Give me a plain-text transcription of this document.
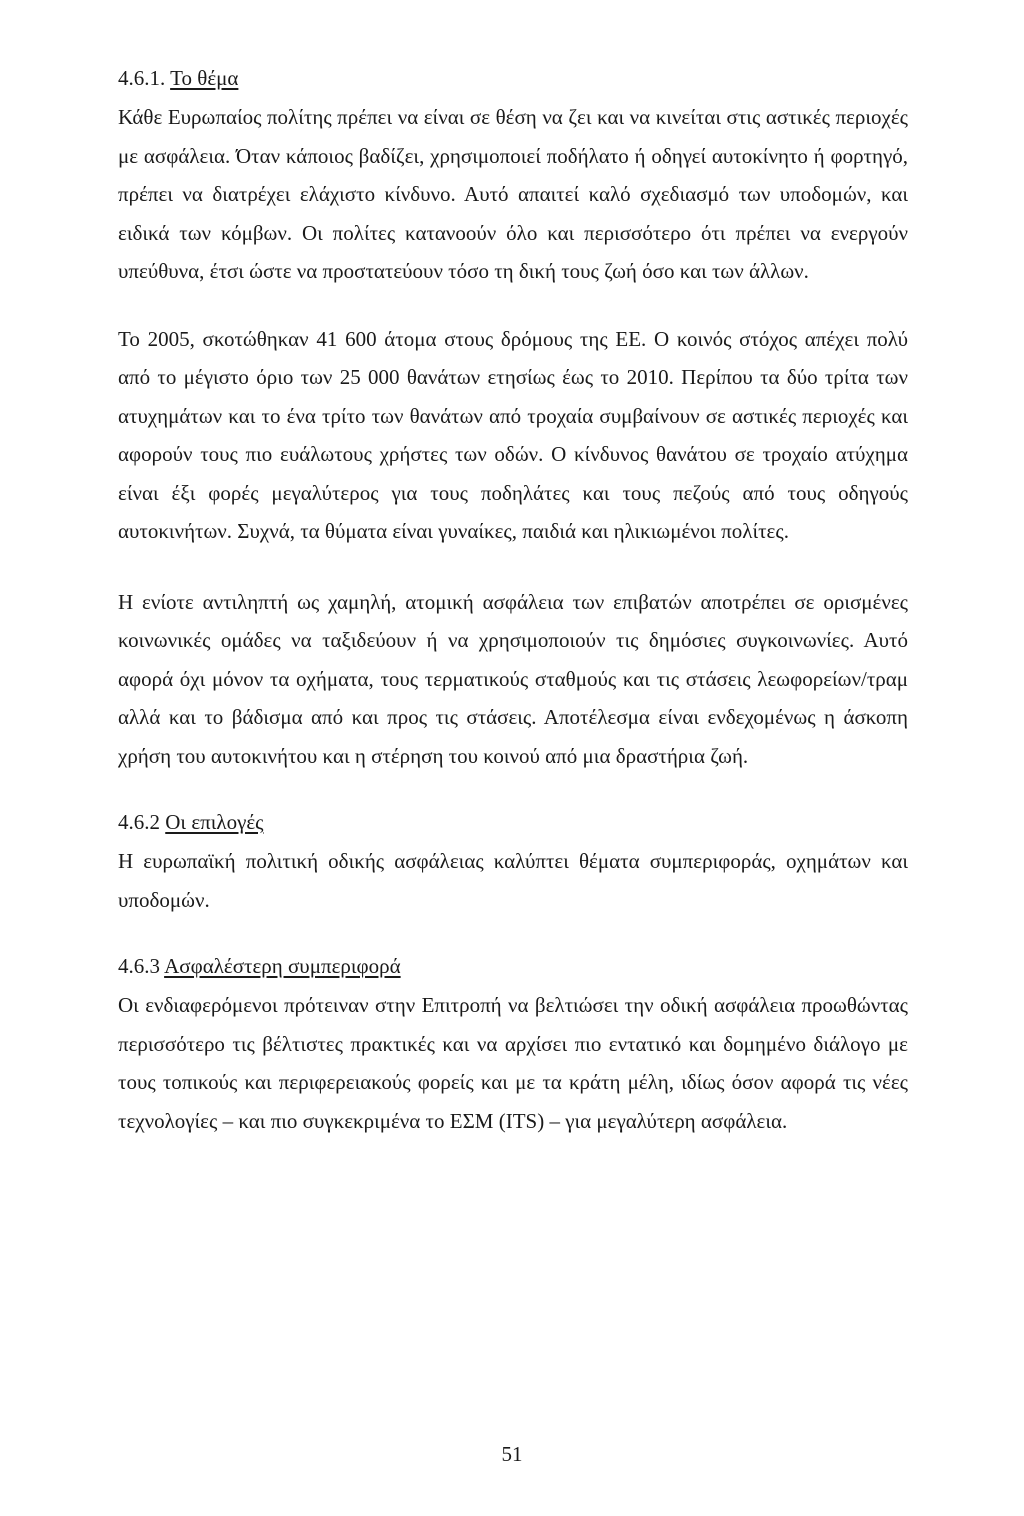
4.6.1. Το θέμα

Κάθε Ευρωπαίος πολίτης πρέπει να είναι σε θέση να ζει και να κινείται στις αστικές περιοχές με ασφάλεια. Όταν κάποιος βαδίζει, χρησιμοποιεί ποδήλατο ή οδηγεί αυτοκίνητο ή φορτηγό, πρέπει να διατρέχει ελάχιστο κίνδυνο. Αυτό απαιτεί καλό σχεδιασμό των υποδομών, και ειδικά των κόμβων. Οι πολίτες κατανοούν όλο και περισσότερο ότι πρέπει να ενεργούν υπεύθυνα, έτσι ώστε να προστατεύουν τόσο τη δική τους ζωή όσο και των άλλων.

Το 2005, σκοτώθηκαν 41 600 άτομα στους δρόμους της ΕΕ. Ο κοινός στόχος απέχει πολύ από το μέγιστο όριο των 25 000 θανάτων ετησίως έως το 2010. Περίπου τα δύο τρίτα των ατυχημάτων και το ένα τρίτο των θανάτων από τροχαία συμβαίνουν σε αστικές περιοχές και αφορούν τους πιο ευάλωτους χρήστες των οδών. Ο κίνδυνος θανάτου σε τροχαίο ατύχημα είναι έξι φορές μεγαλύτερος για τους ποδηλάτες και τους πεζούς από τους οδηγούς αυτοκινήτων. Συχνά, τα θύματα είναι γυναίκες, παιδιά και ηλικιωμένοι πολίτες.

Η ενίοτε αντιληπτή ως χαμηλή, ατομική ασφάλεια των επιβατών αποτρέπει σε ορισμένες κοινωνικές ομάδες να ταξιδεύουν ή να χρησιμοποιούν τις δημόσιες συγκοινωνίες. Αυτό αφορά όχι μόνον τα οχήματα, τους τερματικούς σταθμούς και τις στάσεις λεωφορείων/τραμ αλλά και το βάδισμα από και προς τις στάσεις. Αποτέλεσμα είναι ενδεχομένως η άσκοπη χρήση του αυτοκινήτου και η στέρηση του κοινού από μια δραστήρια ζωή.

4.6.2 Οι επιλογές

Η ευρωπαϊκή πολιτική οδικής ασφάλειας καλύπτει θέματα συμπεριφοράς, οχημάτων και υποδομών.

4.6.3 Ασφαλέστερη συμπεριφορά

Οι ενδιαφερόμενοι πρότειναν στην Επιτροπή να βελτιώσει την οδική ασφάλεια προωθώντας περισσότερο τις βέλτιστες πρακτικές και να αρχίσει πιο εντατικό και δομημένο διάλογο με τους τοπικούς και περιφερειακούς φορείς και με τα κράτη μέλη, ιδίως όσον αφορά τις νέες τεχνολογίες – και πιο συγκεκριμένα το ΕΣΜ (ITS) – για μεγαλύτερη ασφάλεια.

51
